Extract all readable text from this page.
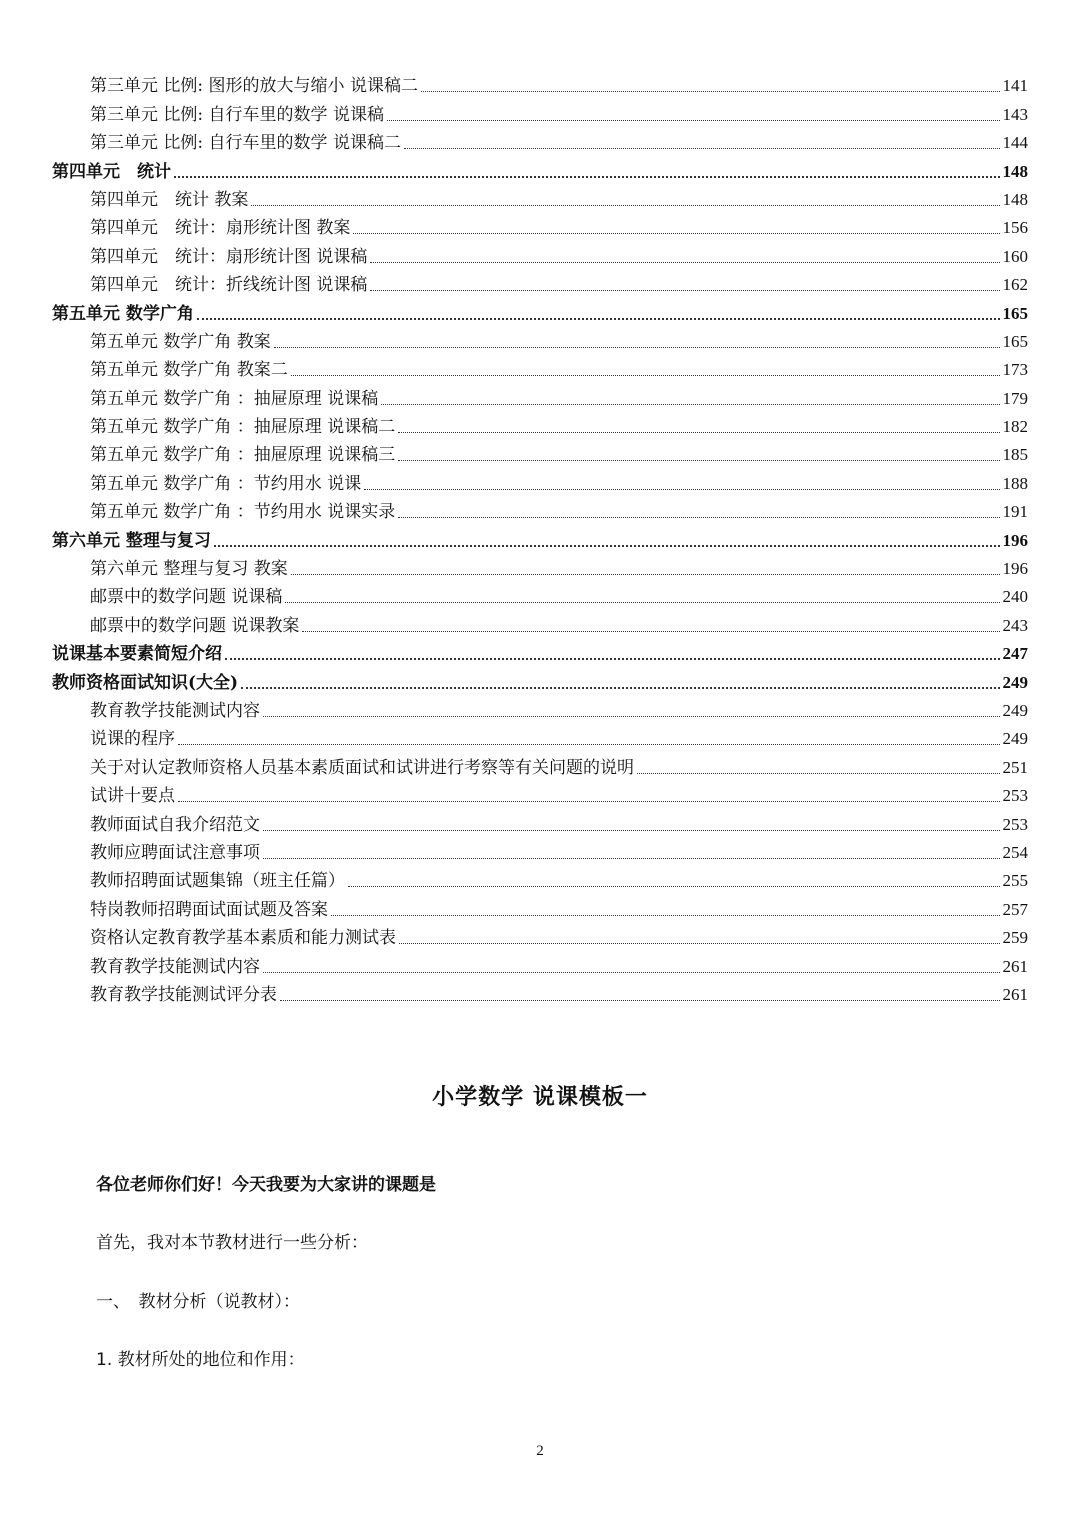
第三单元 比例: 图形的放大与缩小 说课稿二	141
第三单元 比例: 自行车里的数学 说课稿	143
第三单元 比例: 自行车里的数学 说课稿二	144
第四单元　统计	148
第四单元　统计 教案	148
第四单元　统计：扇形统计图 教案	156
第四单元　统计：扇形统计图 说课稿	160
第四单元　统计：折线统计图 说课稿	162
第五单元 数学广角	165
第五单元 数学广角 教案	165
第五单元 数学广角 教案二	173
第五单元 数学广角 ：抽屉原理 说课稿	179
第五单元 数学广角 ：抽屉原理 说课稿二	182
第五单元 数学广角 ：抽屉原理 说课稿三	185
第五单元 数学广角 ：节约用水 说课	188
第五单元 数学广角 ：节约用水 说课实录	191
第六单元 整理与复习	196
第六单元 整理与复习 教案	196
邮票中的数学问题 说课稿	240
邮票中的数学问题 说课教案	243
说课基本要素简短介绍	247
教师资格面试知识(大全)	249
教育教学技能测试内容	249
说课的程序	249
关于对认定教师资格人员基本素质面试和试讲进行考察等有关问题的说明	251
试讲十要点	253
教师面试自我介绍范文	253
教师应聘面试注意事项	254
教师招聘面试题集锦（班主任篇）	255
特岗教师招聘面试面试题及答案	257
资格认定教育教学基本素质和能力测试表	259
教育教学技能测试内容	261
教育教学技能测试评分表	261
小学数学 说课模板一
各位老师你们好！今天我要为大家讲的课题是
首先，我对本节教材进行一些分析：
一、　教材分析（说教材）：
1. 教材所处的地位和作用：
2
